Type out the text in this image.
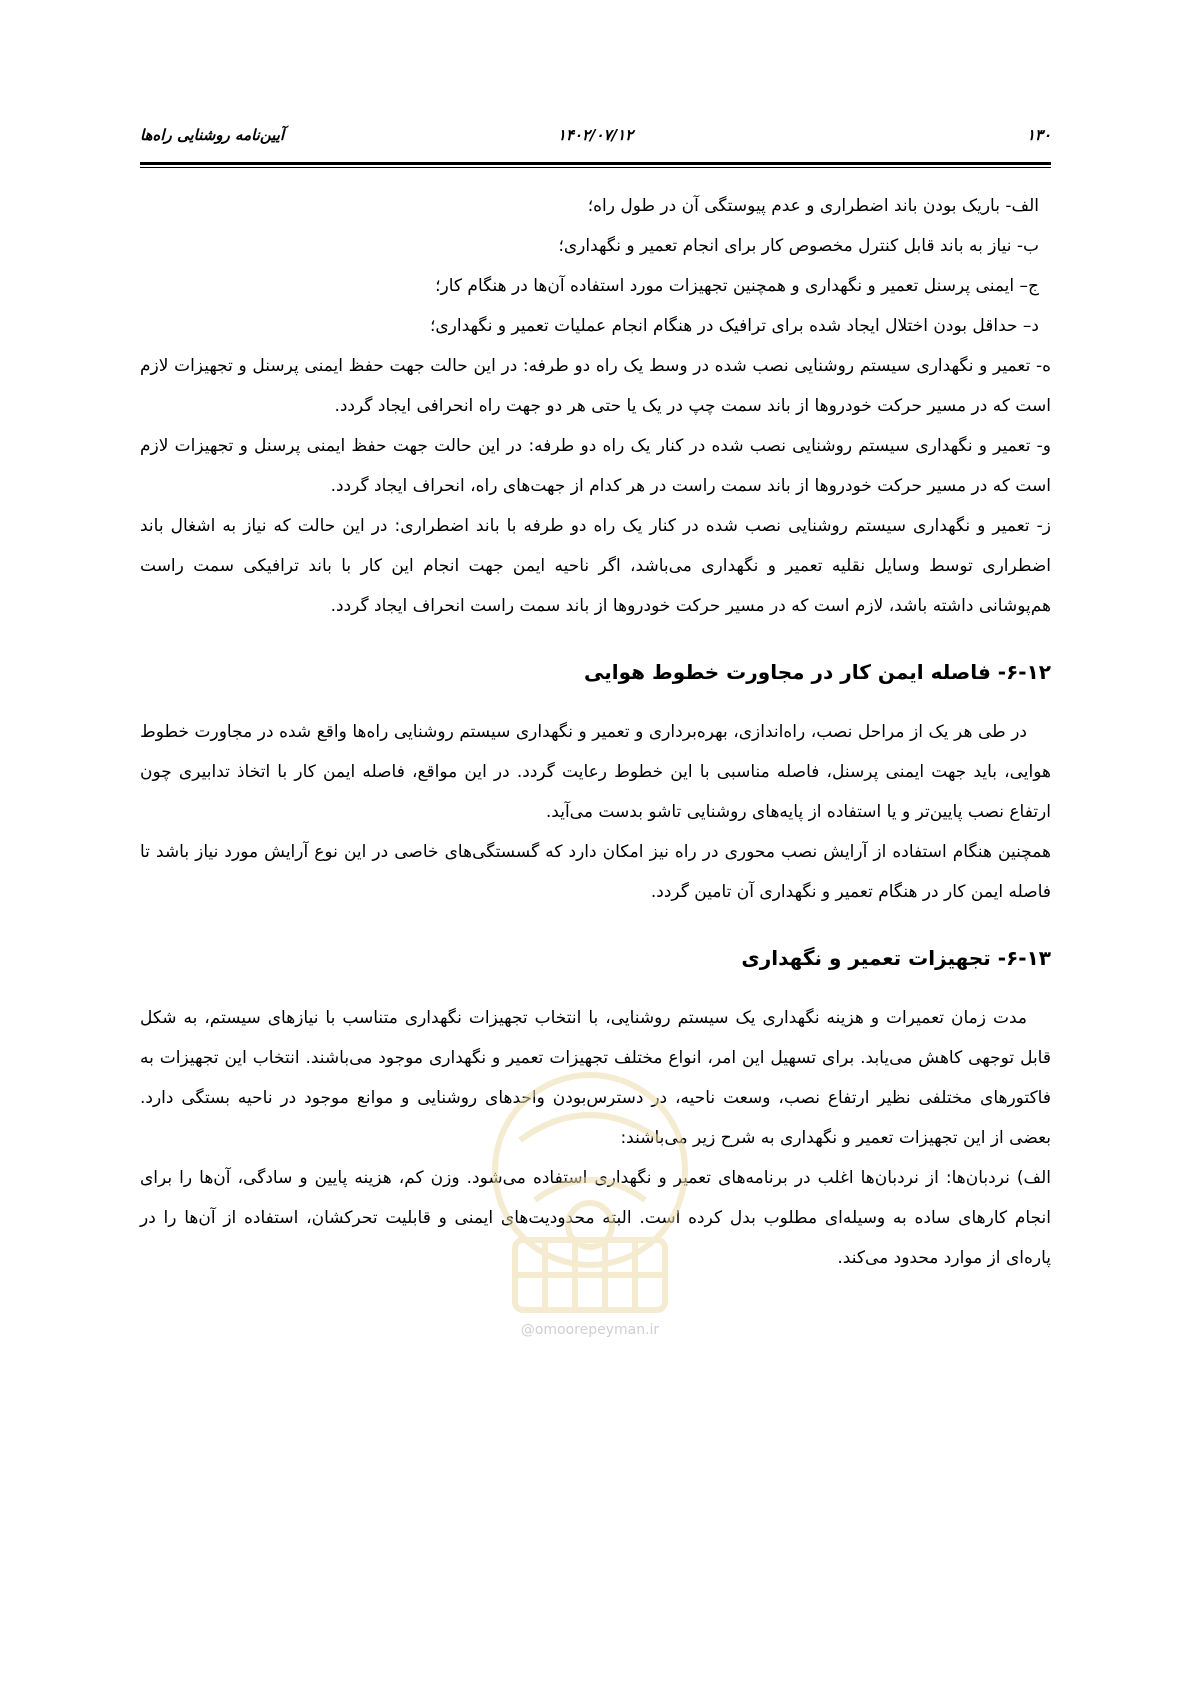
۱۳۰
۱۴۰۲/۰۷/۱۲
آیین‌نامه روشنایی راه‌ها

الف- باریک بودن باند اضطراری و عدم پیوستگی آن در طول راه؛

ب- نیاز به باند قابل کنترل مخصوص کار برای انجام تعمیر و نگهداری؛

ج– ایمنی پرسنل تعمیر و نگهداری و همچنین تجهیزات مورد استفاده آن‌ها در هنگام کار؛

د– حداقل بودن اختلال ایجاد شده برای ترافیک در هنگام انجام عملیات تعمیر و نگهداری؛

ه- تعمیر و نگهداری سیستم روشنایی نصب شده در وسط یک راه دو طرفه: در این حالت جهت حفظ ایمنی پرسنل و تجهیزات لازم است که در مسیر حرکت خودروها از باند سمت چپ در یک یا حتی هر دو جهت راه انحرافی ایجاد گردد.

و- تعمیر و نگهداری سیستم روشنایی نصب شده در کنار یک راه دو طرفه: در این حالت جهت حفظ ایمنی پرسنل و تجهیزات لازم است که در مسیر حرکت خودروها از باند سمت راست در هر کدام از جهت‌های راه، انحراف ایجاد گردد.

ز- تعمیر و نگهداری سیستم روشنایی نصب شده در کنار یک راه دو طرفه با باند اضطراری: در این حالت که نیاز به اشغال باند اضطراری توسط وسایل نقلیه تعمیر و نگهداری می‌باشد، اگر ناحیه ایمن جهت انجام این کار با باند ترافیکی سمت راست هم‌پوشانی داشته باشد، لازم است که در مسیر حرکت خودروها از باند سمت راست انحراف ایجاد گردد.

۶-۱۲- فاصله ایمن کار در مجاورت خطوط هوایی

در طی هر یک از مراحل نصب، راه‌اندازی، بهره‌برداری و تعمیر و نگهداری سیستم روشنایی راه‌ها واقع شده در مجاورت خطوط هوایی، باید جهت ایمنی پرسنل، فاصله مناسبی با این خطوط رعایت گردد. در این مواقع، فاصله ایمن کار با اتخاذ تدابیری چون ارتفاع نصب پایین‌تر و یا استفاده از پایه‌های روشنایی تاشو بدست می‌آید.

همچنین هنگام استفاده از آرایش نصب محوری در راه نیز امکان دارد که گسستگی‌های خاصی در این نوع آرایش مورد نیاز باشد تا فاصله ایمن کار در هنگام تعمیر و نگهداری آن تامین گردد.

۶-۱۳- تجهیزات تعمیر و نگهداری

مدت زمان تعمیرات و هزینه نگهداری یک سیستم روشنایی، با انتخاب تجهیزات نگهداری متناسب با نیازهای سیستم، به شکل قابل توجهی کاهش می‌یابد. برای تسهیل این امر، انواع مختلف تجهیزات تعمیر و نگهداری موجود می‌باشند. انتخاب این تجهیزات به فاکتورهای مختلفی نظیر ارتفاع نصب، وسعت ناحیه، در دسترس‌بودن واحدهای روشنایی و موانع موجود در ناحیه بستگی دارد. بعضی از این تجهیزات تعمیر و نگهداری به شرح زیر می‌باشند:

الف) نردبان‌ها: از نردبان‌ها اغلب در برنامه‌های تعمیر و نگهداری استفاده می‌شود. وزن کم، هزینه پایین و سادگی، آن‌ها را برای انجام کارهای ساده به وسیله‌ای مطلوب بدل کرده است. البته محدودیت‌های ایمنی و قابلیت تحرکشان، استفاده از آن‌ها را در پاره‌ای از موارد محدود می‌کند.

@omoorepeyman.ir
